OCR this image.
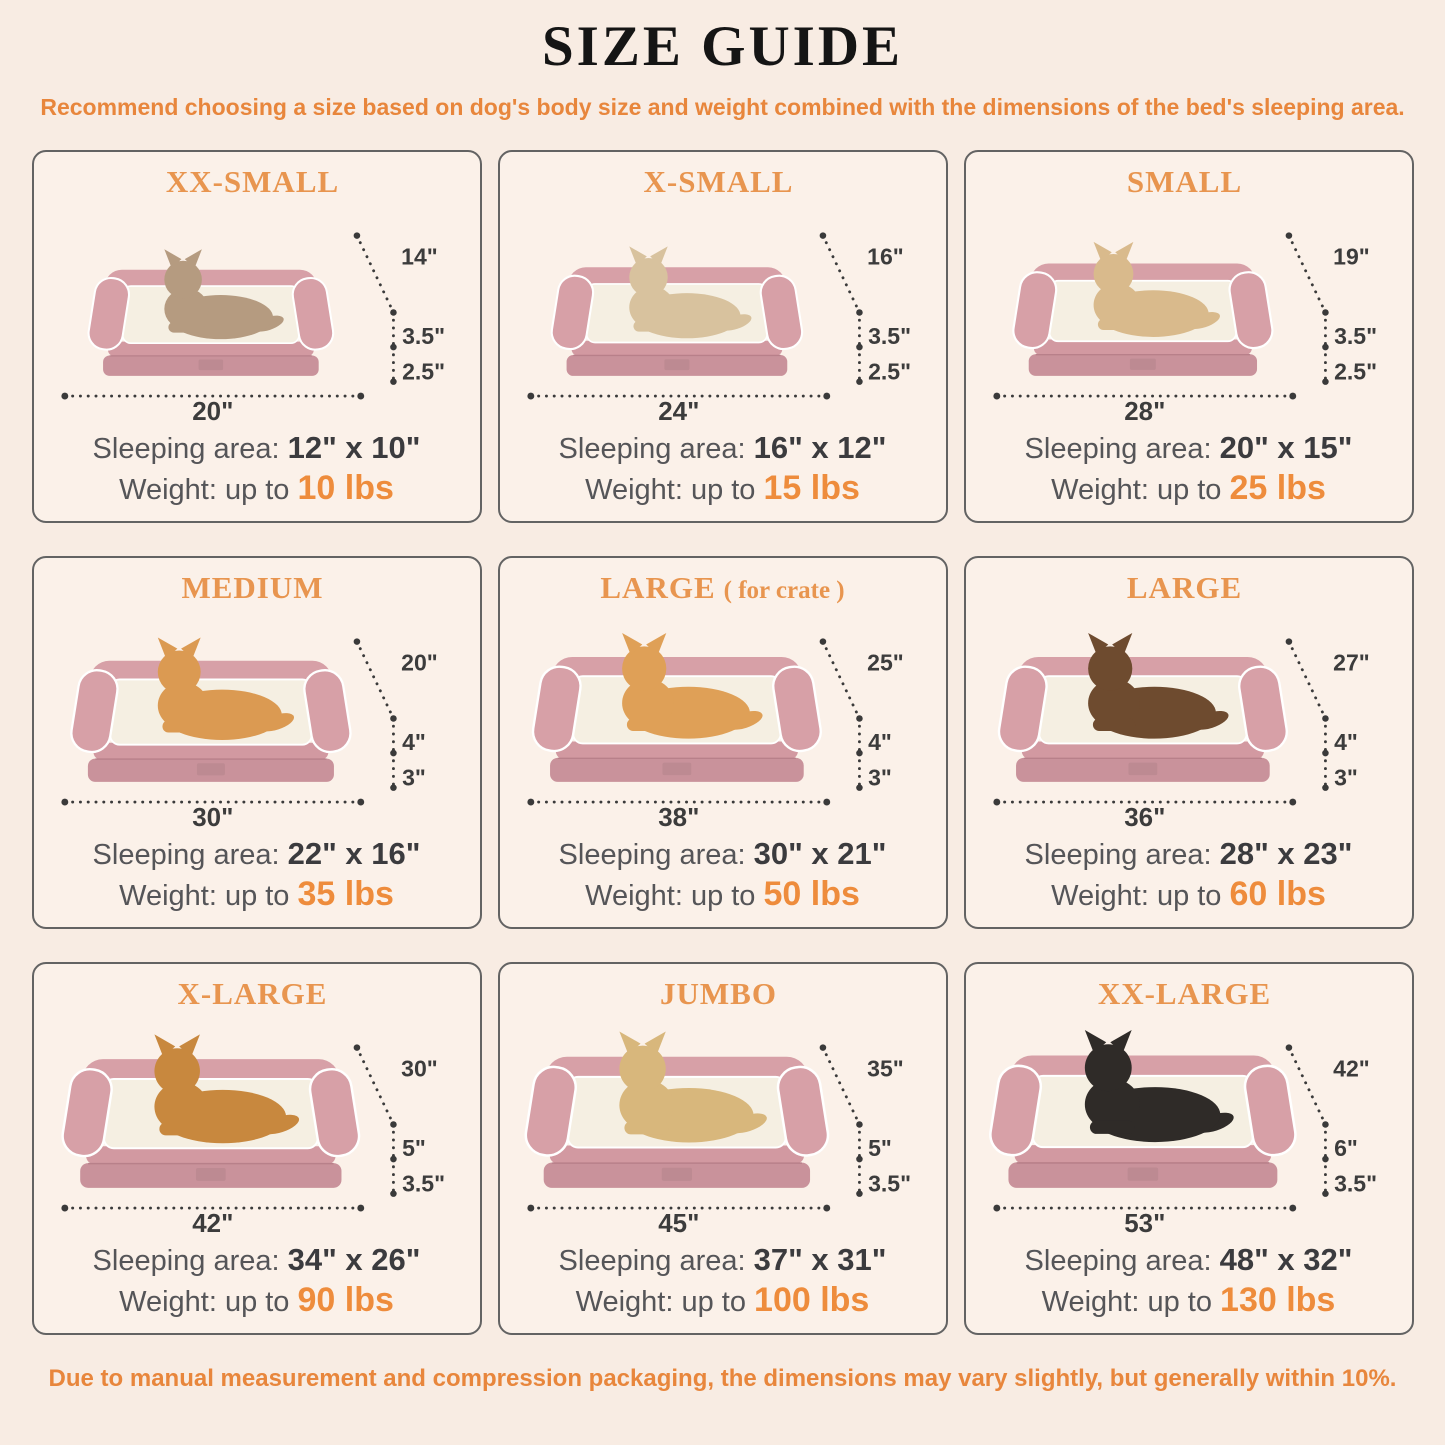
SIZE GUIDE

Recommend choosing a size based on dog's body size and weight combined with the dimensions of the bed's sleeping area.

XX-SMALL
14"
3.5"
2.5"
20"

Sleeping area: 12" x 10"

Weight: up to 10 lbs

X-SMALL
16"
3.5"
2.5"
24"

Sleeping area: 16" x 12"

Weight: up to 15 lbs

SMALL
19"
3.5"
2.5"
28"

Sleeping area: 20" x 15"

Weight: up to 25 lbs

MEDIUM
20"
4"
3"
30"

Sleeping area: 22" x 16"

Weight: up to 35 lbs

LARGE ( for crate )
25"
4"
3"
38"

Sleeping area: 30" x 21"

Weight: up to 50 lbs

LARGE
27"
4"
3"
36"

Sleeping area: 28" x 23"

Weight: up to 60 lbs

X-LARGE
30"
5"
3.5"
42"

Sleeping area: 34" x 26"

Weight: up to 90 lbs

JUMBO
35"
5"
3.5"
45"

Sleeping area: 37" x 31"

Weight: up to 100 lbs

XX-LARGE
42"
6"
3.5"
53"

Sleeping area: 48" x 32"

Weight: up to 130 lbs

Due to manual measurement and compression packaging, the dimensions may vary slightly, but generally within 10%.
